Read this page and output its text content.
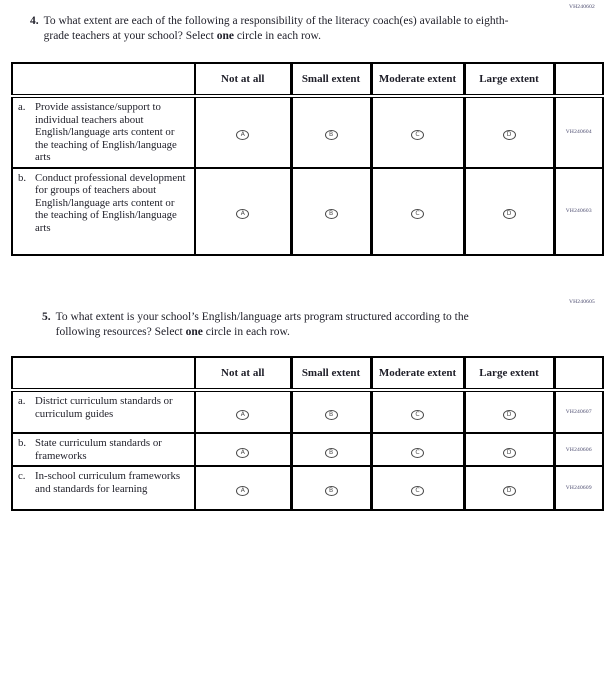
VH240602
4. To what extent are each of the following a responsibility of the literacy coach(es) available to eighth-grade teachers at your school? Select one circle in each row.
	Not at all	Small extent	Moderate extent	Large extent	

a. Provide assistance/support to individual teachers about English/language arts content or the teaching of English/language arts	A	B	C	D	VH240604

b. Conduct professional development for groups of teachers about English/language arts content or the teaching of English/language arts	A	B	C	D	VH240603
VH240605
5. To what extent is your school’s English/language arts program structured according to the following resources? Select one circle in each row.
	Not at all	Small extent	Moderate extent	Large extent	

a. District curriculum standards or curriculum guides	A	B	C	D	VH240607

b. State curriculum standards or frameworks	A	B	C	D	VH240606

c. In-school curriculum frameworks and standards for learning	A	B	C	D	VH240609
